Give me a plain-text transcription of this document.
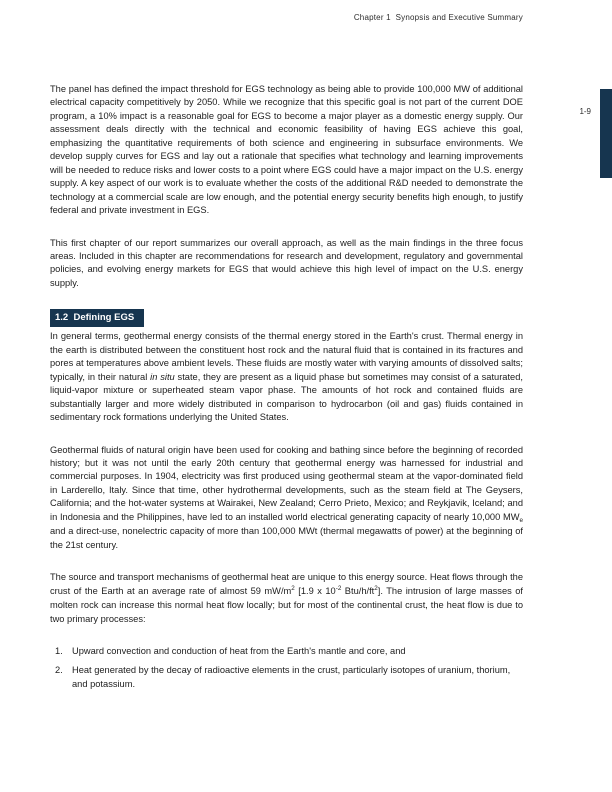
Chapter 1  Synopsis and Executive Summary
1-9

The panel has defined the impact threshold for EGS technology as being able to provide 100,000 MW of additional electrical capacity competitively by 2050. While we recognize that this specific goal is not part of the current DOE program, a 10% impact is a reasonable goal for EGS to become a major player as a domestic energy supply. Our assessment deals directly with the technical and economic feasibility of having EGS achieve this goal, emphasizing the quantitative requirements of both science and engineering in subsurface environments. We develop supply curves for EGS and lay out a rationale that specifies what technology and learning improvements will be needed to reduce risks and lower costs to a point where EGS could have a major impact on the U.S. energy supply. A key aspect of our work is to evaluate whether the costs of the additional R&D needed to demonstrate the technology at a commercial scale are low enough, and the potential energy security benefits high enough, to justify federal and private investment in EGS.

This first chapter of our report summarizes our overall approach, as well as the main findings in the three focus areas. Included in this chapter are recommendations for research and development, regulatory and governmental policies, and evolving energy markets for EGS that would achieve this high level of impact on the U.S. energy supply.

1.2  Defining EGS

In general terms, geothermal energy consists of the thermal energy stored in the Earth's crust. Thermal energy in the earth is distributed between the constituent host rock and the natural fluid that is contained in its fractures and pores at temperatures above ambient levels. These fluids are mostly water with varying amounts of dissolved salts; typically, in their natural in situ state, they are present as a liquid phase but sometimes may consist of a saturated, liquid-vapor mixture or superheated steam vapor phase. The amounts of hot rock and contained fluids are substantially larger and more widely distributed in comparison to hydrocarbon (oil and gas) fluids contained in sedimentary rock formations underlying the United States.

Geothermal fluids of natural origin have been used for cooking and bathing since before the beginning of recorded history; but it was not until the early 20th century that geothermal energy was harnessed for industrial and commercial purposes. In 1904, electricity was first produced using geothermal steam at the vapor-dominated field in Larderello, Italy. Since that time, other hydrothermal developments, such as the steam field at The Geysers, California; and the hot-water systems at Wairakei, New Zealand; Cerro Prieto, Mexico; and Reykjavik, Iceland; and in Indonesia and the Philippines, have led to an installed world electrical generating capacity of nearly 10,000 $MW_e$ and a direct-use, nonelectric capacity of more than 100,000 MWt (thermal megawatts of power) at the beginning of the 21st century.

The source and transport mechanisms of geothermal heat are unique to this energy source. Heat flows through the crust of the Earth at an average rate of almost 59 $mW/m^2$ [1.9 x $10^{-2}$ Btu/$h/ft^2$]. The intrusion of large masses of molten rock can increase this normal heat flow locally; but for most of the continental crust, the heat flow is due to two primary processes:

1. Upward convection and conduction of heat from the Earth's mantle and core, and
2. Heat generated by the decay of radioactive elements in the crust, particularly isotopes of uranium, thorium, and potassium.
